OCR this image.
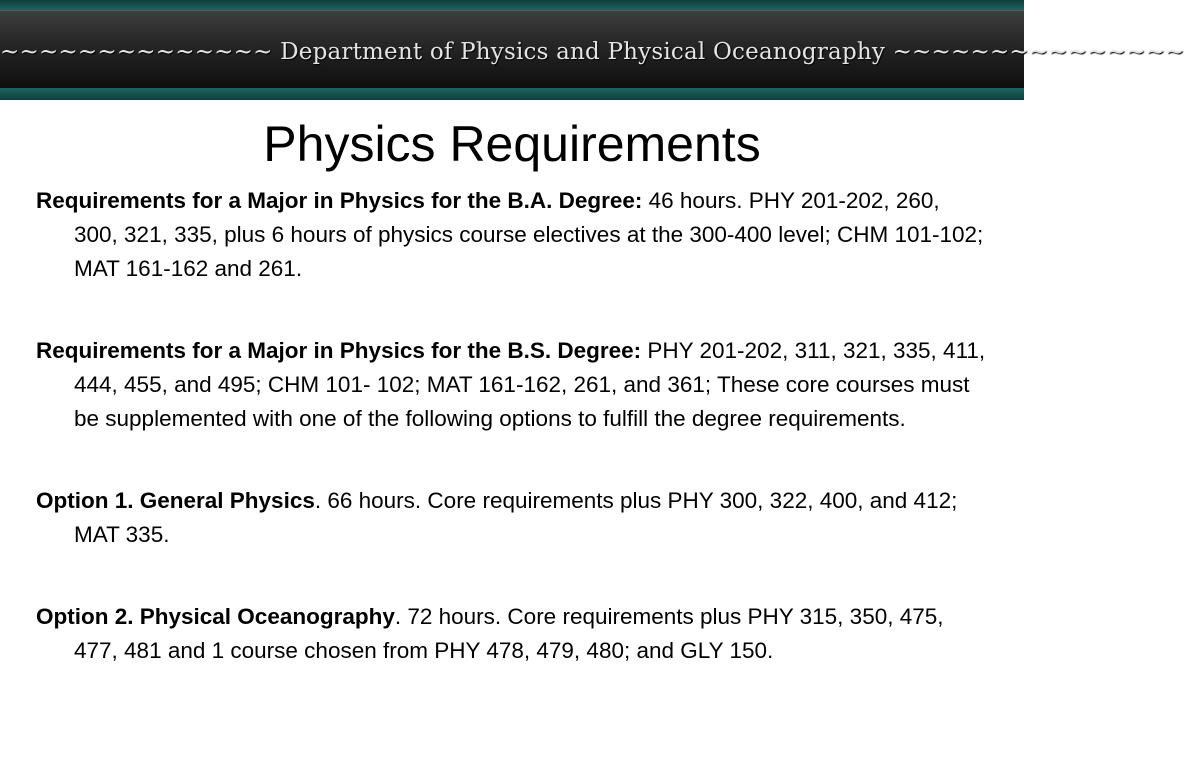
~~~~~~~~~~~~~~ Department of Physics and Physical Oceanography ~~~~~~~~~~~~~~~
Physics Requirements

Requirements for a Major in Physics for the B.A. Degree: 46 hours. PHY 201-202, 260, 300, 321, 335, plus 6 hours of physics course electives at the 300-400 level; CHM 101-102; MAT 161-162 and 261.

Requirements for a Major in Physics for the B.S. Degree: PHY 201-202, 311, 321, 335, 411, 444, 455, and 495; CHM 101- 102; MAT 161-162, 261, and 361; These core courses must be supplemented with one of the following options to fulfill the degree requirements.

Option 1. General Physics. 66 hours. Core requirements plus PHY 300, 322, 400, and 412; MAT 335.

Option 2. Physical Oceanography. 72 hours. Core requirements plus PHY 315, 350, 475, 477, 481 and 1 course chosen from PHY 478, 479, 480; and GLY 150.
